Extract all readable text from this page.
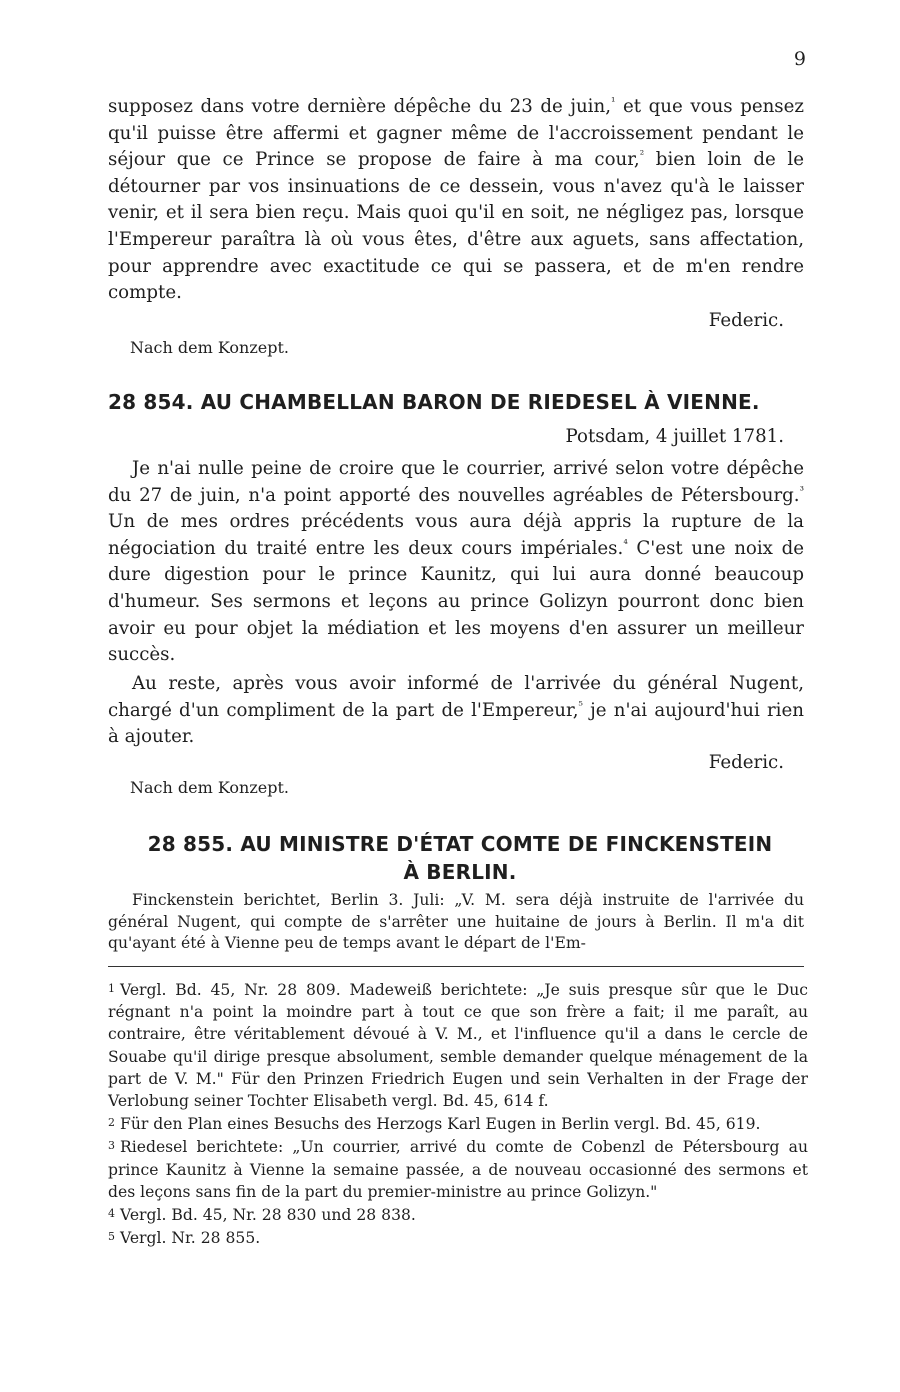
9

supposez dans votre dernière dépêche du 23 de juin,$^{^1}$ et que vous pensez qu'il puisse être affermi et gagner même de l'accroissement pendant le séjour que ce Prince se propose de faire à ma cour,$^{^2}$ bien loin de le détourner par vos insinuations de ce dessein, vous n'avez qu'à le laisser venir, et il sera bien reçu. Mais quoi qu'il en soit, ne négligez pas, lorsque l'Empereur paraîtra là où vous êtes, d'être aux aguets, sans affectation, pour apprendre avec exactitude ce qui se passera, et de m'en rendre compte.

Federic.
Nach dem Konzept.
28 854. AU CHAMBELLAN BARON DE RIEDESEL À VIENNE.
Potsdam, 4 juillet 1781.

Je n'ai nulle peine de croire que le courrier, arrivé selon votre dépêche du 27 de juin, n'a point apporté des nouvelles agréables de Pétersbourg.$^{^3}$ Un de mes ordres précédents vous aura déjà appris la rupture de la négociation du traité entre les deux cours impériales.$^{^4}$ C'est une noix de dure digestion pour le prince Kaunitz, qui lui aura donné beaucoup d'humeur. Ses sermons et leçons au prince Golizyn pourront donc bien avoir eu pour objet la médiation et les moyens d'en assurer un meilleur succès.

Au reste, après vous avoir informé de l'arrivée du général Nugent, chargé d'un compliment de la part de l'Empereur,$^{^5}$ je n'ai aujourd'hui rien à ajouter.

Federic.
Nach dem Konzept.
28 855. AU MINISTRE D'ÉTAT COMTE DE FINCKENSTEIN
À BERLIN.

Finckenstein berichtet, Berlin 3. Juli: „V. M. sera déjà instruite de l'arrivée du général Nugent, qui compte de s'arrêter une huitaine de jours à Berlin. Il m'a dit qu'ayant été à Vienne peu de temps avant le départ de l'Em-

1 Vergl. Bd. 45, Nr. 28 809. Madeweiß berichtete: „Je suis presque sûr que le Duc régnant n'a point la moindre part à tout ce que son frère a fait; il me paraît, au contraire, être véritablement dévoué à V. M., et l'influence qu'il a dans le cercle de Souabe qu'il dirige presque absolument, semble demander quelque ménagement de la part de V. M." Für den Prinzen Friedrich Eugen und sein Verhalten in der Frage der Verlobung seiner Tochter Elisabeth vergl. Bd. 45, 614 f.

2 Für den Plan eines Besuchs des Herzogs Karl Eugen in Berlin vergl. Bd. 45, 619.

3 Riedesel berichtete: „Un courrier, arrivé du comte de Cobenzl de Pétersbourg au prince Kaunitz à Vienne la semaine passée, a de nouveau occasionné des sermons et des leçons sans fin de la part du premier-ministre au prince Golizyn."

4 Vergl. Bd. 45, Nr. 28 830 und 28 838.

5 Vergl. Nr. 28 855.
